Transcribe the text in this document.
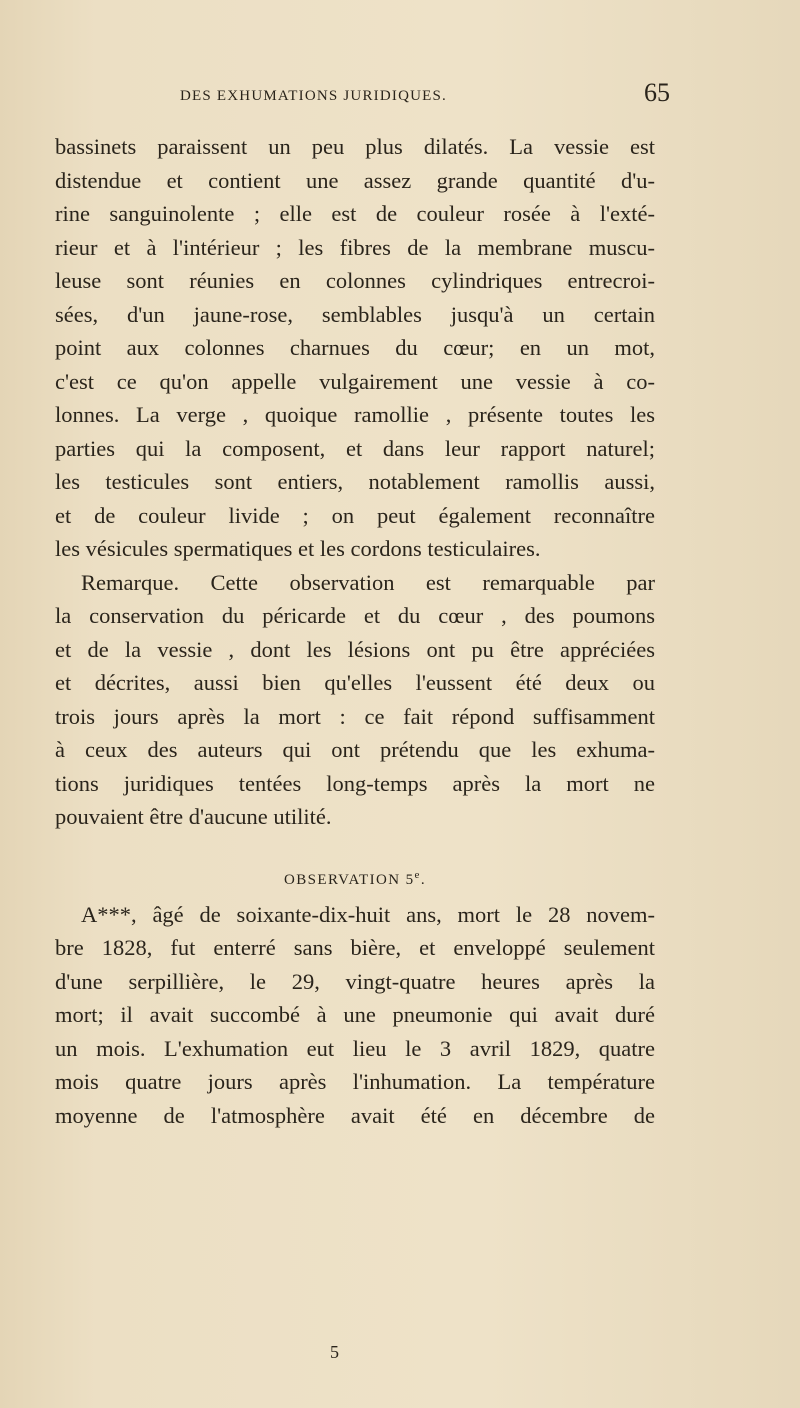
DES EXHUMATIONS JURIDIQUES.	65
bassinets paraissent un peu plus dilatés. La vessie est
distendue et contient une assez grande quantité d'u-
rine sanguinolente ; elle est de couleur rosée à l'exté-
rieur et à l'intérieur ; les fibres de la membrane muscu-
leuse sont réunies en colonnes cylindriques entrecroi-
sées, d'un jaune-rose, semblables jusqu'à un certain
point aux colonnes charnues du cœur; en un mot,
c'est ce qu'on appelle vulgairement une vessie à co-
lonnes. La verge , quoique ramollie , présente toutes les
parties qui la composent, et dans leur rapport naturel;
les testicules sont entiers, notablement ramollis aussi,
et de couleur livide ; on peut également reconnaître
les vésicules spermatiques et les cordons testiculaires.
Remarque. Cette observation est remarquable par
la conservation du péricarde et du cœur , des poumons
et de la vessie , dont les lésions ont pu être appréciées
et décrites, aussi bien qu'elles l'eussent été deux ou
trois jours après la mort : ce fait répond suffisamment
à ceux des auteurs qui ont prétendu que les exhuma-
tions juridiques tentées long-temps après la mort ne
pouvaient être d'aucune utilité.
OBSERVATION 5e.
A***, âgé de soixante-dix-huit ans, mort le 28 novem-
bre 1828, fut enterré sans bière, et enveloppé seulement
d'une serpillière, le 29, vingt-quatre heures après la
mort; il avait succombé à une pneumonie qui avait duré
un mois. L'exhumation eut lieu le 3 avril 1829, quatre
mois quatre jours après l'inhumation. La température
moyenne de l'atmosphère avait été en décembre de
5
